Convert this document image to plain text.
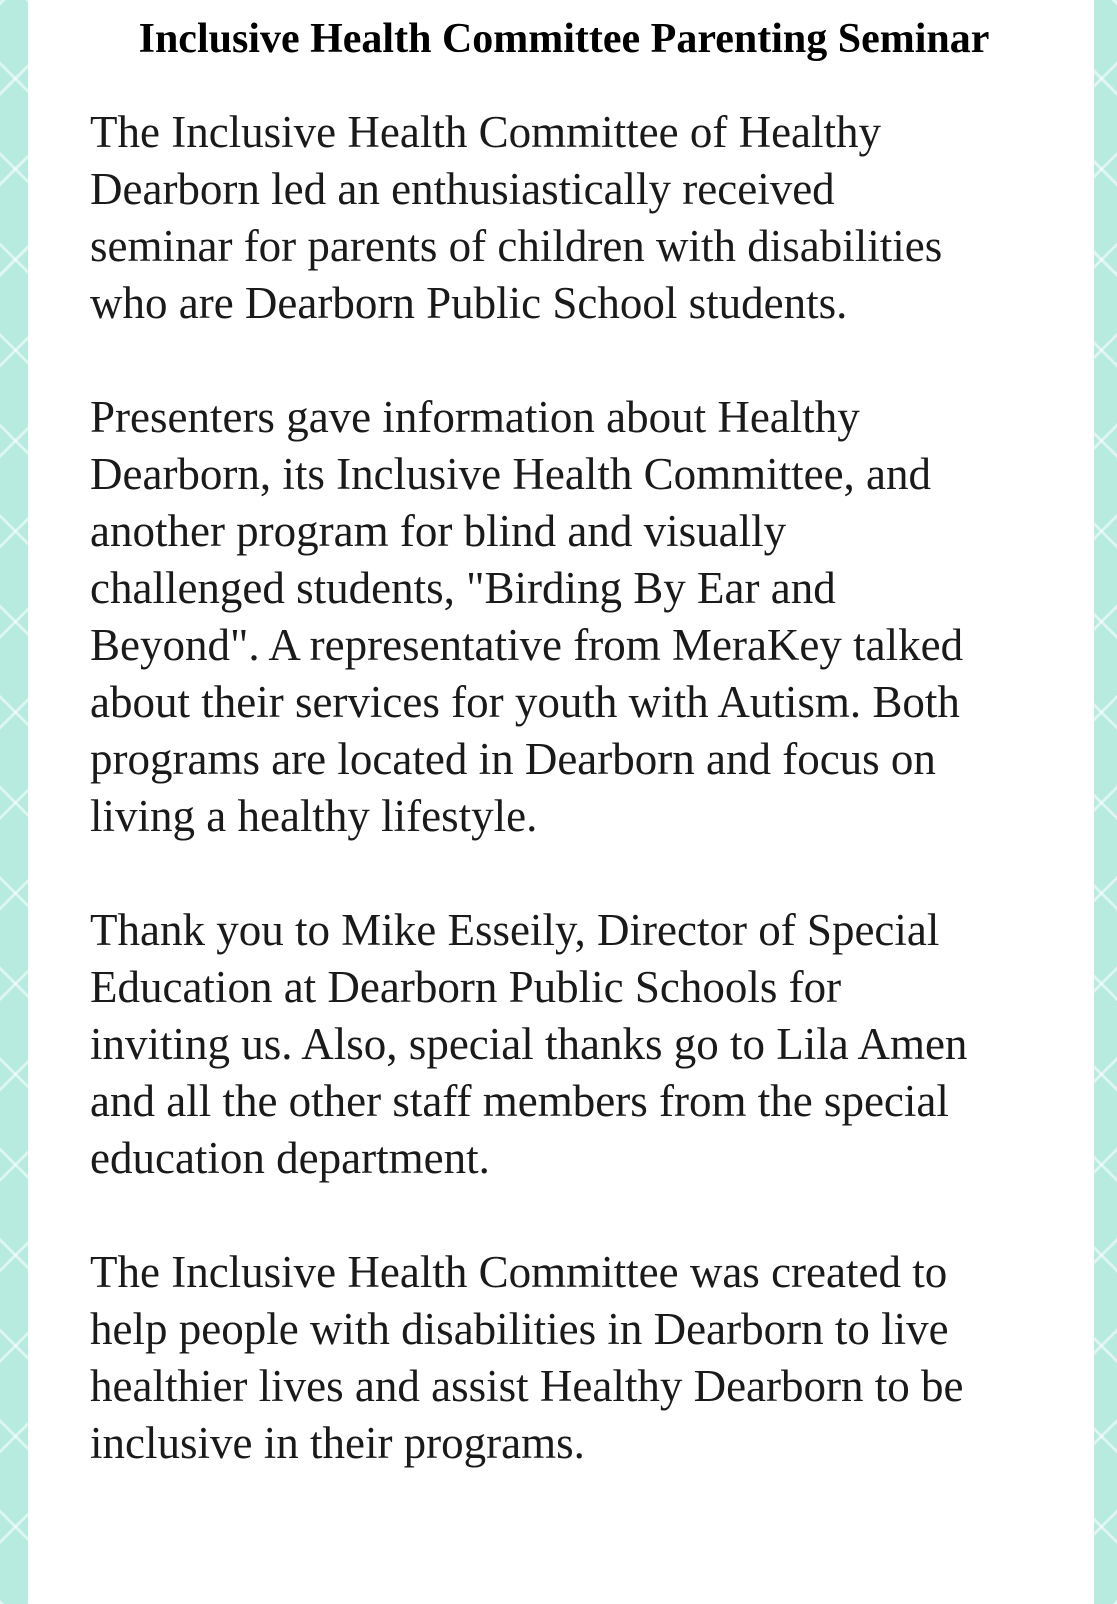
Inclusive Health Committee Parenting Seminar

The Inclusive Health Committee of Healthy
Dearborn led an enthusiastically received
seminar for parents of children with disabilities
who are Dearborn Public School students.

Presenters gave information about Healthy
Dearborn, its Inclusive Health Committee, and
another program for blind and visually
challenged students, "Birding By Ear and
Beyond". A representative from MeraKey talked
about their services for youth with Autism. Both
programs are located in Dearborn and focus on
living a healthy lifestyle.

Thank you to Mike Esseily, Director of Special
Education at Dearborn Public Schools for
inviting us. Also, special thanks go to Lila Amen
and all the other staff members from the special
education department.

The Inclusive Health Committee was created to
help people with disabilities in Dearborn to live
healthier lives and assist Healthy Dearborn to be
inclusive in their programs.
